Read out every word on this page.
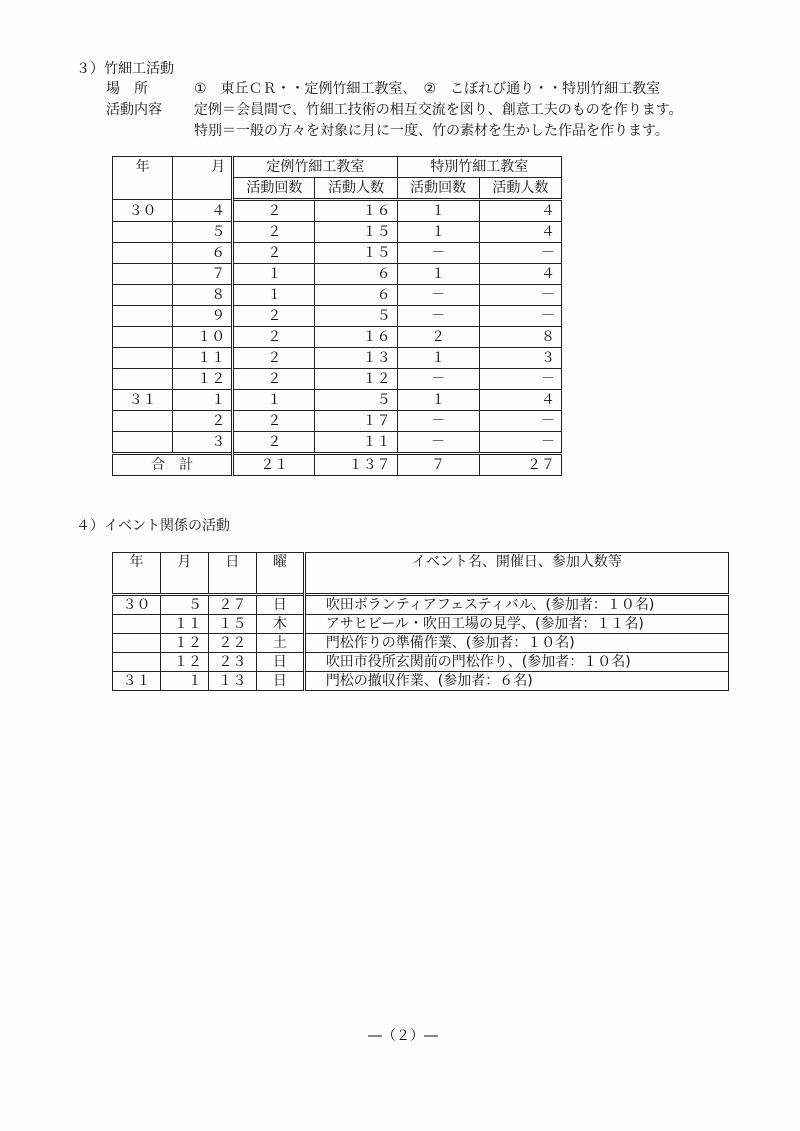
３）竹細工活動
場　所	①　東丘ＣＲ・・定例竹細工教室、　②　こぼれび通り・・特別竹細工教室
活動内容 定例＝会員間で、竹細工技術の相互交流を図り、創意工夫のものを作ります。
特別＝一般の方々を対象に月に一度、竹の素材を生かした作品を作ります。
年	月	定例竹細工教室		特別竹細工教室	
		活動回数	活動人数	活動回数	活動人数
３０	４	２	１６	１	４
	５	２	１５	１	４
	６	２	１５	－	－
	７	１	６	１	４
	８	１	６	－	－
	９	２	５	－	－
	１０	２	１６	２	８
	１１	２	１３	１	３
	１２	２	１２	－	－
３１	１	１	５	１	４
	２	２	１７	－	－
	３	２	１１	－	－
合　計		２１	１３７	７	２７
４）イベント関係の活動
年	月	日	曜	イベント名、開催日、参加人数等
３０	５	２７	日	吹田ボランティアフェスティバル、(参加者：１０名)
	１１	１５	木	アサヒビール・吹田工場の見学、(参加者：１１名)
	１２	２２	土	門松作りの準備作業、(参加者：１０名)
	１２	２３	日	吹田市役所玄関前の門松作り、(参加者：１０名)
３１	１	１３	日	門松の撤収作業、(参加者：６名)
―（２）―
